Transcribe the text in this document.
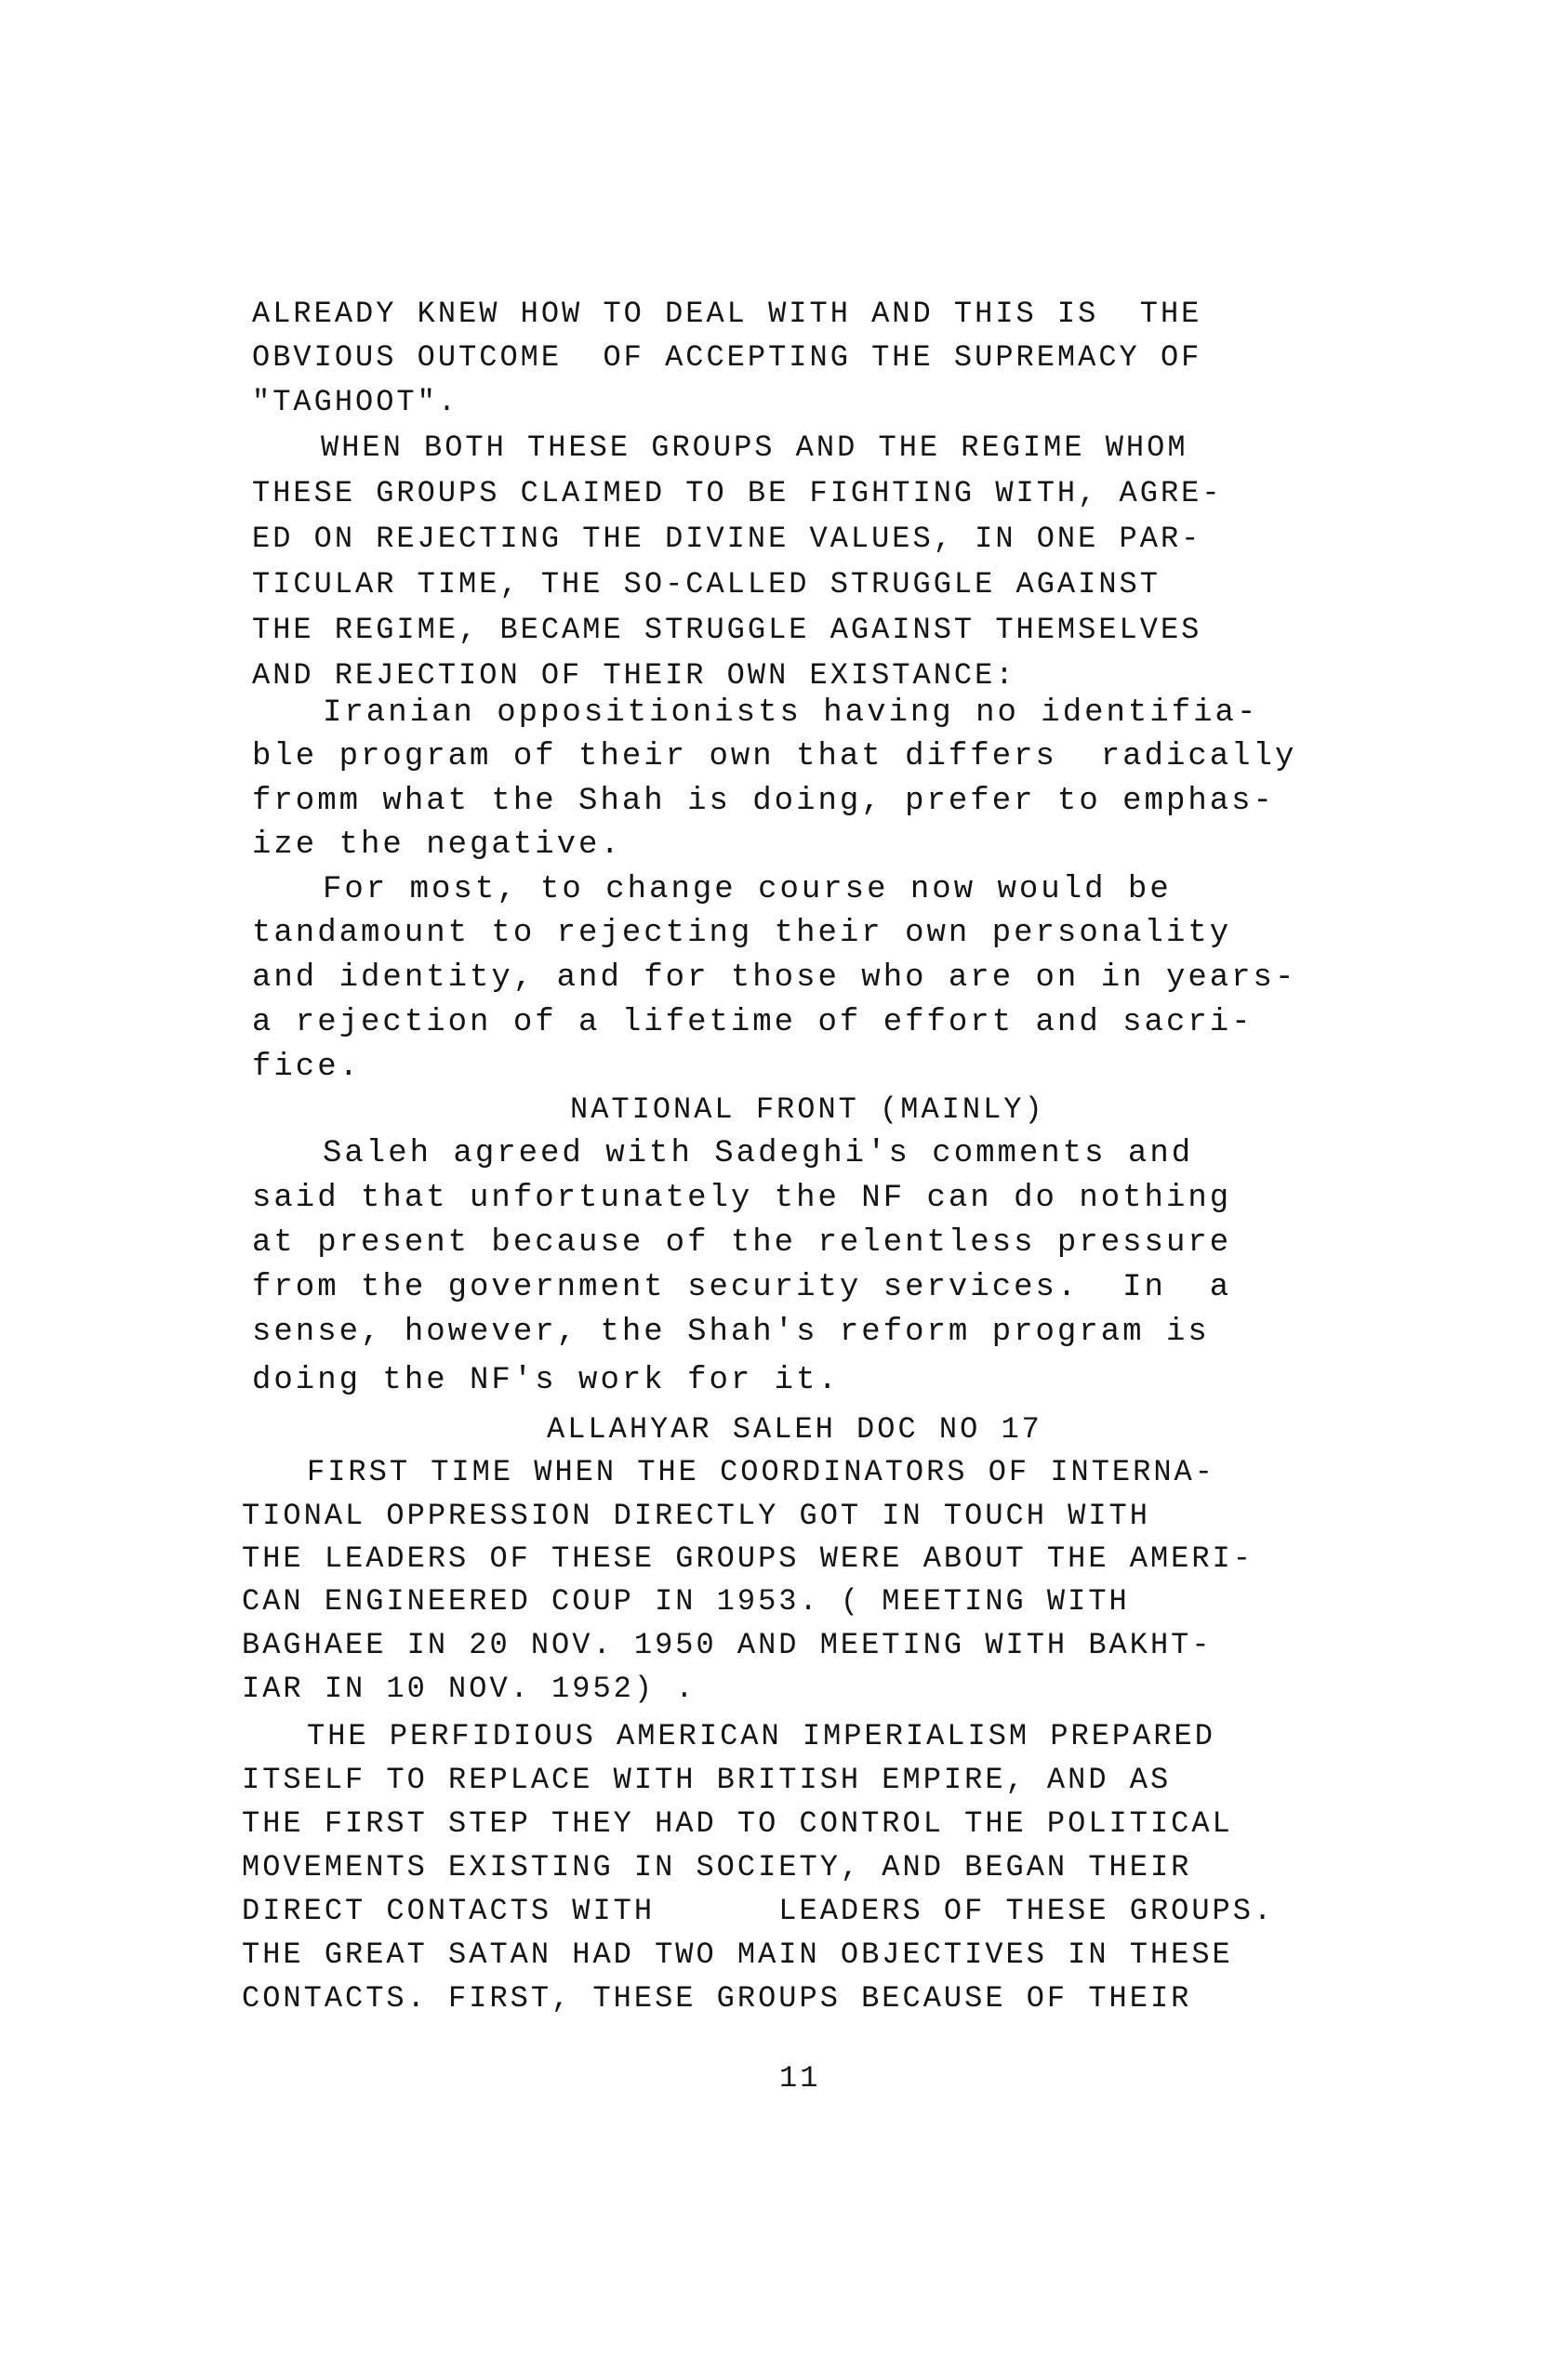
ALREADY KNEW HOW TO DEAL WITH AND THIS IS  THE
OBVIOUS OUTCOME  OF ACCEPTING THE SUPREMACY OF
"TAGHOOT".
WHEN BOTH THESE GROUPS AND THE REGIME WHOM
THESE GROUPS CLAIMED TO BE FIGHTING WITH, AGRE-
ED ON REJECTING THE DIVINE VALUES, IN ONE PAR-
TICULAR TIME, THE SO-CALLED STRUGGLE AGAINST
THE REGIME, BECAME STRUGGLE AGAINST THEMSELVES
AND REJECTION OF THEIR OWN EXISTANCE:
Iranian oppositionists having no identifia-
ble program of their own that differs  radically
fromm what the Shah is doing, prefer to emphas-
ize the negative.
For most, to change course now would be
tandamount to rejecting their own personality
and identity, and for those who are on in years-
a rejection of a lifetime of effort and sacri-
fice.
NATIONAL FRONT (MAINLY)
Saleh agreed with Sadeghi's comments and
said that unfortunately the NF can do nothing
at present because of the relentless pressure
from the government security services.  In  a
sense, however, the Shah's reform program is
doing the NF's work for it.
ALLAHYAR SALEH DOC NO 17
FIRST TIME WHEN THE COORDINATORS OF INTERNA-
TIONAL OPPRESSION DIRECTLY GOT IN TOUCH WITH
THE LEADERS OF THESE GROUPS WERE ABOUT THE AMERI-
CAN ENGINEERED COUP IN 1953. ( MEETING WITH
BAGHAEE IN 20 NOV. 1950 AND MEETING WITH BAKHT-
IAR IN 10 NOV. 1952) .
THE PERFIDIOUS AMERICAN IMPERIALISM PREPARED
ITSELF TO REPLACE WITH BRITISH EMPIRE, AND AS
THE FIRST STEP THEY HAD TO CONTROL THE POLITICAL
MOVEMENTS EXISTING IN SOCIETY, AND BEGAN THEIR
DIRECT CONTACTS WITH      LEADERS OF THESE GROUPS.
THE GREAT SATAN HAD TWO MAIN OBJECTIVES IN THESE
CONTACTS. FIRST, THESE GROUPS BECAUSE OF THEIR
11
